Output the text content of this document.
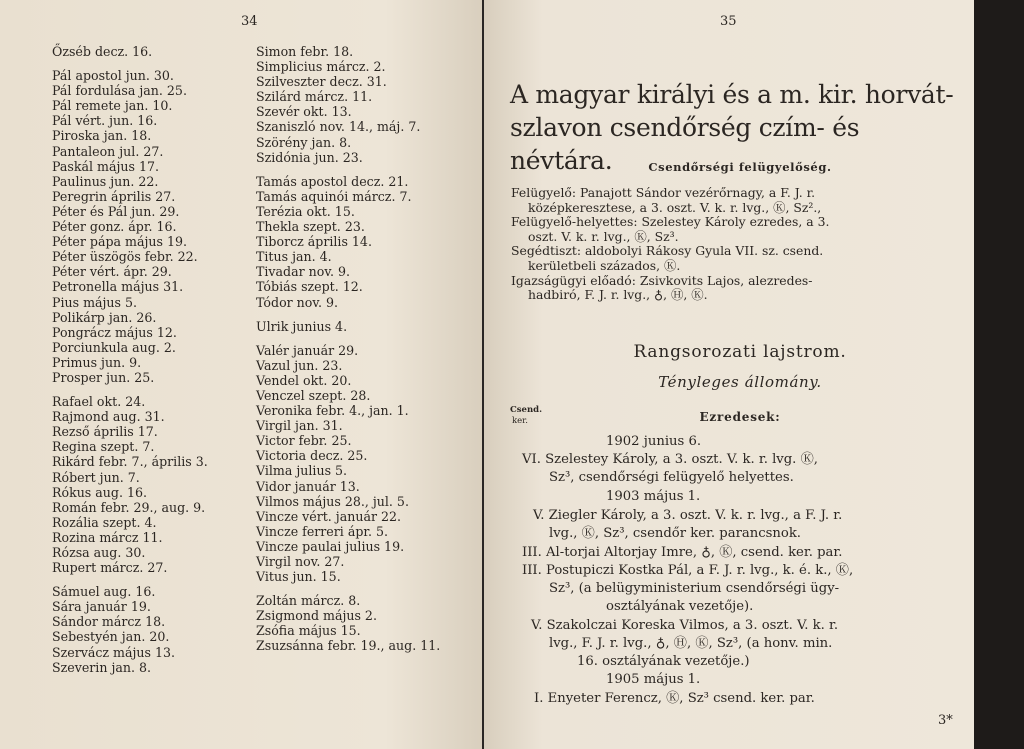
34
Őzséb decz. 16.
Pál apostol jun. 30.
Pál fordulása jan. 25.
Pál remete jan. 10.
Pál vért. jun. 16.
Piroska jan. 18.
Pantaleon jul. 27.
Paskál május 17.
Paulinus jun. 22.
Peregrin április 27.
Péter és Pál jun. 29.
Péter gonz. ápr. 16.
Péter pápa május 19.
Péter üszögös febr. 22.
Péter vért. ápr. 29.
Petronella május 31.
Pius május 5.
Polikárp jan. 26.
Pongrácz május 12.
Porciunkula aug. 2.
Primus jun. 9.
Prosper jun. 25.
Rafael okt. 24.
Rajmond aug. 31.
Rezső április 17.
Regina szept. 7.
Rikárd febr. 7., április 3.
Róbert jun. 7.
Rókus aug. 16.
Román febr. 29., aug. 9.
Rozália szept. 4.
Rozina márcz 11.
Rózsa aug. 30.
Rupert márcz. 27.
Sámuel aug. 16.
Sára január 19.
Sándor márcz 18.
Sebestyén jan. 20.
Szervácz május 13.
Szeverin jan. 8.
Simon febr. 18.
Simplicius márcz. 2.
Szilveszter decz. 31.
Szilárd márcz. 11.
Szevér okt. 13.
Szaniszló nov. 14., máj. 7.
Szörény jan. 8.
Szidónia jun. 23.
Tamás apostol decz. 21.
Tamás aquinói márcz. 7.
Terézia okt. 15.
Thekla szept. 23.
Tiborcz április 14.
Titus jan. 4.
Tivadar nov. 9.
Tóbiás szept. 12.
Tódor nov. 9.
Ulrik junius 4.
Valér január 29.
Vazul jun. 23.
Vendel okt. 20.
Venczel szept. 28.
Veronika febr. 4., jan. 1.
Virgil jan. 31.
Victor febr. 25.
Victoria decz. 25.
Vilma julius 5.
Vidor január 13.
Vilmos május 28., jul. 5.
Vincze vért. január 22.
Vincze ferreri ápr. 5.
Vincze paulai julius 19.
Virgil nov. 27.
Vitus jun. 15.
Zoltán márcz. 8.
Zsigmond május 2.
Zsófia május 15.
Zsuzsánna febr. 19., aug. 11.
35
A magyar királyi és a m. kir. horvát-
szlavon csendőrség czím- és névtára.	Csendőrségi felügyelőség.
Felügyelő: Panajott Sándor vezérőrnagy, a F. J. r.
középkeresztese, a 3. oszt. V. k. r. lvg., Ⓚ, Sz².,
Felügyelő-helyettes: Szelestey Károly ezredes, a 3.
oszt. V. k. r. lvg., Ⓚ, Sz³.
Segédtiszt: aldobolyi Rákosy Gyula VII. sz. csend.
kerületbeli százados, Ⓚ.
Igazságügyi előadó: Zsivkovits Lajos, alezredes-
hadbiró, F. J. r. lvg., ♁, Ⓗ, Ⓚ.
Rangsorozati lajstrom.
Tényleges állomány.
Csend.
ker.	Ezredesek:
1902 junius 6.
VI. Szelestey Károly, a 3. oszt. V. k. r. lvg. Ⓚ,
Sz³, csendőrségi felügyelő helyettes.
1903 május 1.
V. Ziegler Károly, a 3. oszt. V. k. r. lvg., a F. J. r.
lvg., Ⓚ, Sz³, csendőr ker. parancsnok.
III. Al-torjai Altorjay Imre, ♁, Ⓚ, csend. ker. par.
III. Postupiczi Kostka Pál, a F. J. r. lvg., k. é. k., Ⓚ,
Sz³, (a belügyministerium csendőrségi ügy-
osztályának vezetője).
V. Szakolczai Koreska Vilmos, a 3. oszt. V. k. r.
lvg., F. J. r. lvg., ♁, Ⓗ, Ⓚ, Sz³, (a honv. min.
16. osztályának vezetője.)
1905 május 1.
I. Enyeter Ferencz, Ⓚ, Sz³ csend. ker. par.
3*
